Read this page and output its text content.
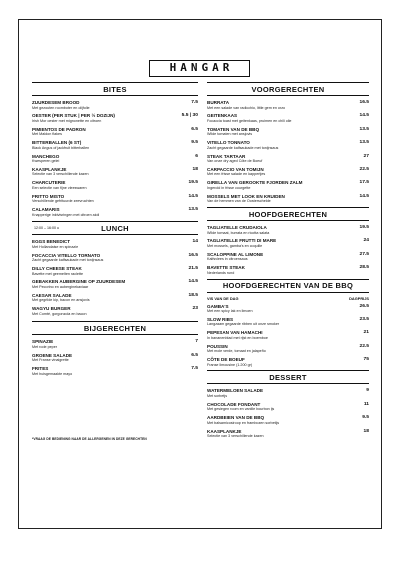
HANGAR
BITES
ZUURDESEM BROOD
Met gezouten roomboter en olijfolie
7.5
OESTER (PER STUK | PER ½ DOZIJN)
Irish Mor oester met mignonette en citroen
5.5 | 30
PIMIENTOS DE PADRON
Met Maldon flakes
6.5
BITTERBALLEN (6 ST)
Black Angus of jackfruit bitterballen
9.5
MANCHEGO
Kwesperen gelei
6
KAASPLANKJE
Selectie van 3 verschillende kazen
18
CHARCUTERIE
Een selectie van fijne vleeswaren
19.5
FRITTO MISTO
Verschillende gefrituurde zeevruchten
14.5
CALAMARIS
Knapperige inktvisringen met citroen aioli
13.5
12:00 – 16:00 u	LUNCH
EGGS BENEDICT
Met Hollandaise en spinazie
14
FOCACCIA VITELLO TORNATO
Zacht gegaarde kalfsaukade met tonijnsaus
16.5
DILLY CHEESE STEAK
Bavette met geemelten raclette
21.5
GEBAKKEN AUBERGINE OP ZUURDESEM
Met Pecorino en auberginekaviaar
14.5
CAESAR SALADE
Met gegrilde kip, bacon en ansjovis
18.5
WAGYU BURGER
Met Comté, gorgonzola en bacon
23
BIJGERECHTEN
SPINAZIE
Met rode peper
7
GROENE SALADE
Met Franse vinaigrette
6.5
FRITES
Met huisgemaakte mayo
7.5
*VRAAG DE BEDIENING NAAR DE ALLERGENEN IN DEZE GERECHTEN
VOORGERECHTEN
BURRATA
Met een salade van radicchio, little gem en orzo
16.5
GEITENKAAS
Focaccia toast met geitenkaas, pruimen en chili olie
14.5
TOMATEN VAN DE BBQ
Wilde tomaten met ansjovis
13.5
VITELLO TONNATO
Zacht gegaarde kalfsaukade met tonijnsaus
13.5
STEAK TARTAAR
Van onze dry aged Côte de Boeuf
27
CARPACCIO VAN TOMIJN
Met een frisse salade en kappertjes
22.5
GIRELLA VAN GEROOKTE FJORDEN ZALM
Ingerold in frisse courgette
17.5
MOSSELS MET LOOK EN KRUIDEN
Van de hemmen van de Oosterschelde
14.5
HOOFDGERECHTEN
TAGLIATELLE CRUDAIOLA
Wilde tomaat, burrata en ricotta salata
19.5
TAGLIATELLE FRUTTI DI MARE
Met mossels, gamba's en coquille
24
SCALOPPINE AL LIMONE
Kalfsvlees in citroensaus
27.5
BAVETTE STEAK
Nederlands rund
28.5
HOOFDGERECHTEN VAN DE BBQ
VIS VAN DE DAG	DAGPRIJS
GAMBA'S
Met een spicy lak en limoen
26.5
SLOW RIBS
Langzaam gegaarde ribben uit onze smoker
23.5
PEPESAN VAN HAMACHI
In bananenblad met rijst en boemboe
21
POUSSIN
Met mole verde, tomaat en jalapeño
22.5
CÔTE DE BOEUF
Franse limousine (1.200 gr)
75
DESSERT
WATERMELOEN SALADE
Met sorbetjs
9
CHOCOLADE FONDANT
Met gesiegen room en vanille bourbon ijs
11
AARDBEIEN VAN DE BBQ
Met balsamicosiroop en frambozen sorbetijs
9.5
KAASPLANKJE
Selectie van 3 verschillende kazen
18
